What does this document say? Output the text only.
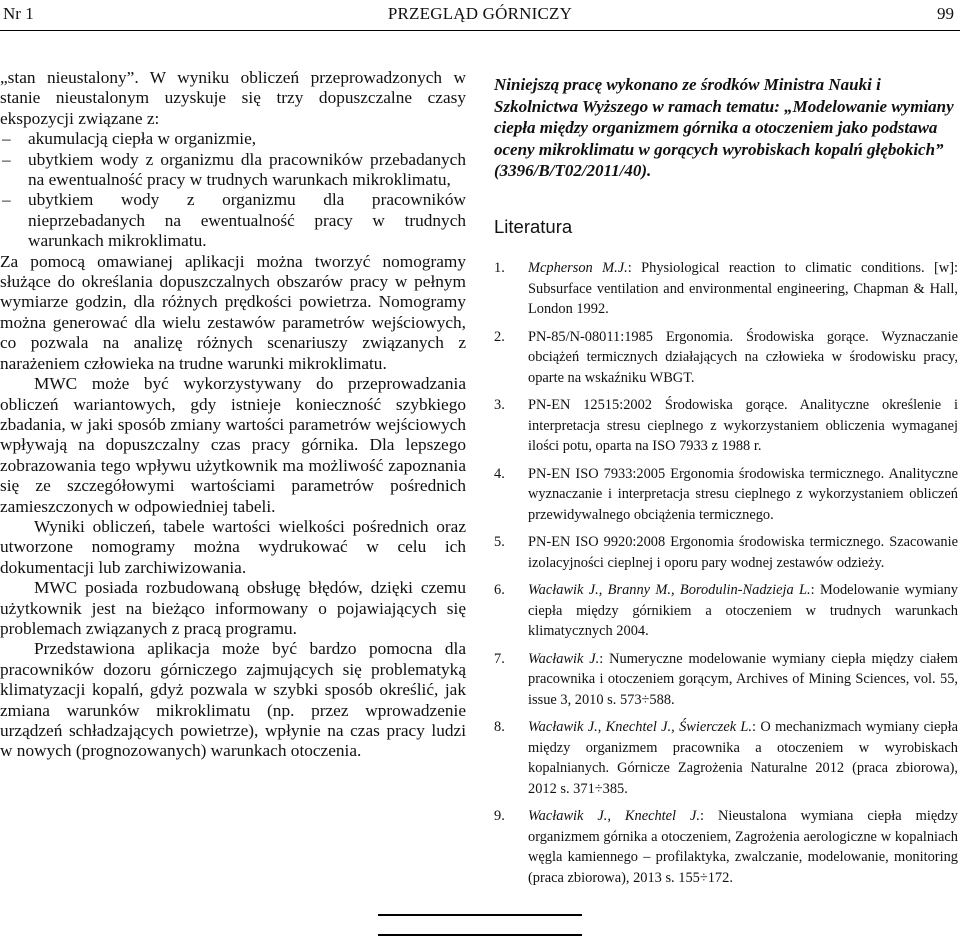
Nr 1	PRZEGLĄD GÓRNICZY	99

„stan nieustalony”. W wyniku obliczeń przeprowadzonych w stanie nieustalonym uzyskuje się trzy dopuszczalne czasy ekspozycji związane z:

– akumulacją ciepła w organizmie,
– ubytkiem wody z organizmu dla pracowników przebadanych na ewentualność pracy w trudnych warunkach mikroklimatu,
– ubytkiem wody z organizmu dla pracowników nieprzebadanych na ewentualność pracy w trudnych warunkach mikroklimatu.

Za pomocą omawianej aplikacji można tworzyć nomogramy służące do określania dopuszczalnych obszarów pracy w pełnym wymiarze godzin, dla różnych prędkości powietrza. Nomogramy można generować dla wielu zestawów parametrów wejściowych, co pozwala na analizę różnych scenariuszy związanych z narażeniem człowieka na trudne warunki mikroklimatu.

MWC może być wykorzystywany do przeprowadzania obliczeń wariantowych, gdy istnieje konieczność szybkiego zbadania, w jaki sposób zmiany wartości parametrów wejściowych wpływają na dopuszczalny czas pracy górnika. Dla lepszego zobrazowania tego wpływu użytkownik ma możliwość zapoznania się ze szczegółowymi wartościami parametrów pośrednich zamieszczonych w odpowiedniej tabeli.

Wyniki obliczeń, tabele wartości wielkości pośrednich oraz utworzone nomogramy można wydrukować w celu ich dokumentacji lub zarchiwizowania.

MWC posiada rozbudowaną obsługę błędów, dzięki czemu użytkownik jest na bieżąco informowany o pojawiających się problemach związanych z pracą programu.

Przedstawiona aplikacja może być bardzo pomocna dla pracowników dozoru górniczego zajmujących się problematyką klimatyzacji kopalń, gdyż pozwala w szybki sposób określić, jak zmiana warunków mikroklimatu (np. przez wprowadzenie urządzeń schładzających powietrze), wpłynie na czas pracy ludzi w nowych (prognozowanych) warunkach otoczenia.

Niniejszą pracę wykonano ze środków Ministra Nauki i Szkolnictwa Wyższego w ramach tematu: „Modelowanie wymiany ciepła między organizmem górnika a otoczeniem jako podstawa oceny mikroklimatu w gorących wyrobiskach kopalń głębokich” (3396/B/T02/2011/40).

Literatura
1. Mcpherson M.J.: Physiological reaction to climatic conditions. [w]: Subsurface ventilation and environmental engineering, Chapman & Hall, London 1992.
2. PN-85/N-08011:1985 Ergonomia. Środowiska gorące. Wyznaczanie obciążeń termicznych działających na człowieka w środowisku pracy, oparte na wskaźniku WBGT.
3. PN-EN 12515:2002 Środowiska gorące. Analityczne określenie i interpretacja stresu cieplnego z wykorzystaniem obliczenia wymaganej ilości potu, oparta na ISO 7933 z 1988 r.
4. PN-EN ISO 7933:2005 Ergonomia środowiska termicznego. Analityczne wyznaczanie i interpretacja stresu cieplnego z wykorzystaniem obliczeń przewidywalnego obciążenia termicznego.
5. PN-EN ISO 9920:2008 Ergonomia środowiska termicznego. Szacowanie izolacyjności cieplnej i oporu pary wodnej zestawów odzieży.
6. Wacławik J., Branny M., Borodulin-Nadzieja L.: Modelowanie wymiany ciepła między górnikiem a otoczeniem w trudnych warunkach klimatycznych 2004.
7. Wacławik J.: Numeryczne modelowanie wymiany ciepła między ciałem pracownika i otoczeniem gorącym, Archives of Mining Sciences, vol. 55, issue 3, 2010 s. 573÷588.
8. Wacławik J., Knechtel J., Świerczek L.: O mechanizmach wymiany ciepła między organizmem pracownika a otoczeniem w wyrobiskach kopalnianych. Górnicze Zagrożenia Naturalne 2012 (praca zbiorowa), 2012 s. 371÷385.
9. Wacławik J., Knechtel J.: Nieustalona wymiana ciepła między organizmem górnika a otoczeniem, Zagrożenia aerologiczne w kopalniach węgla kamiennego – profilaktyka, zwalczanie, modelowanie, monitoring (praca zbiorowa), 2013 s. 155÷172.
